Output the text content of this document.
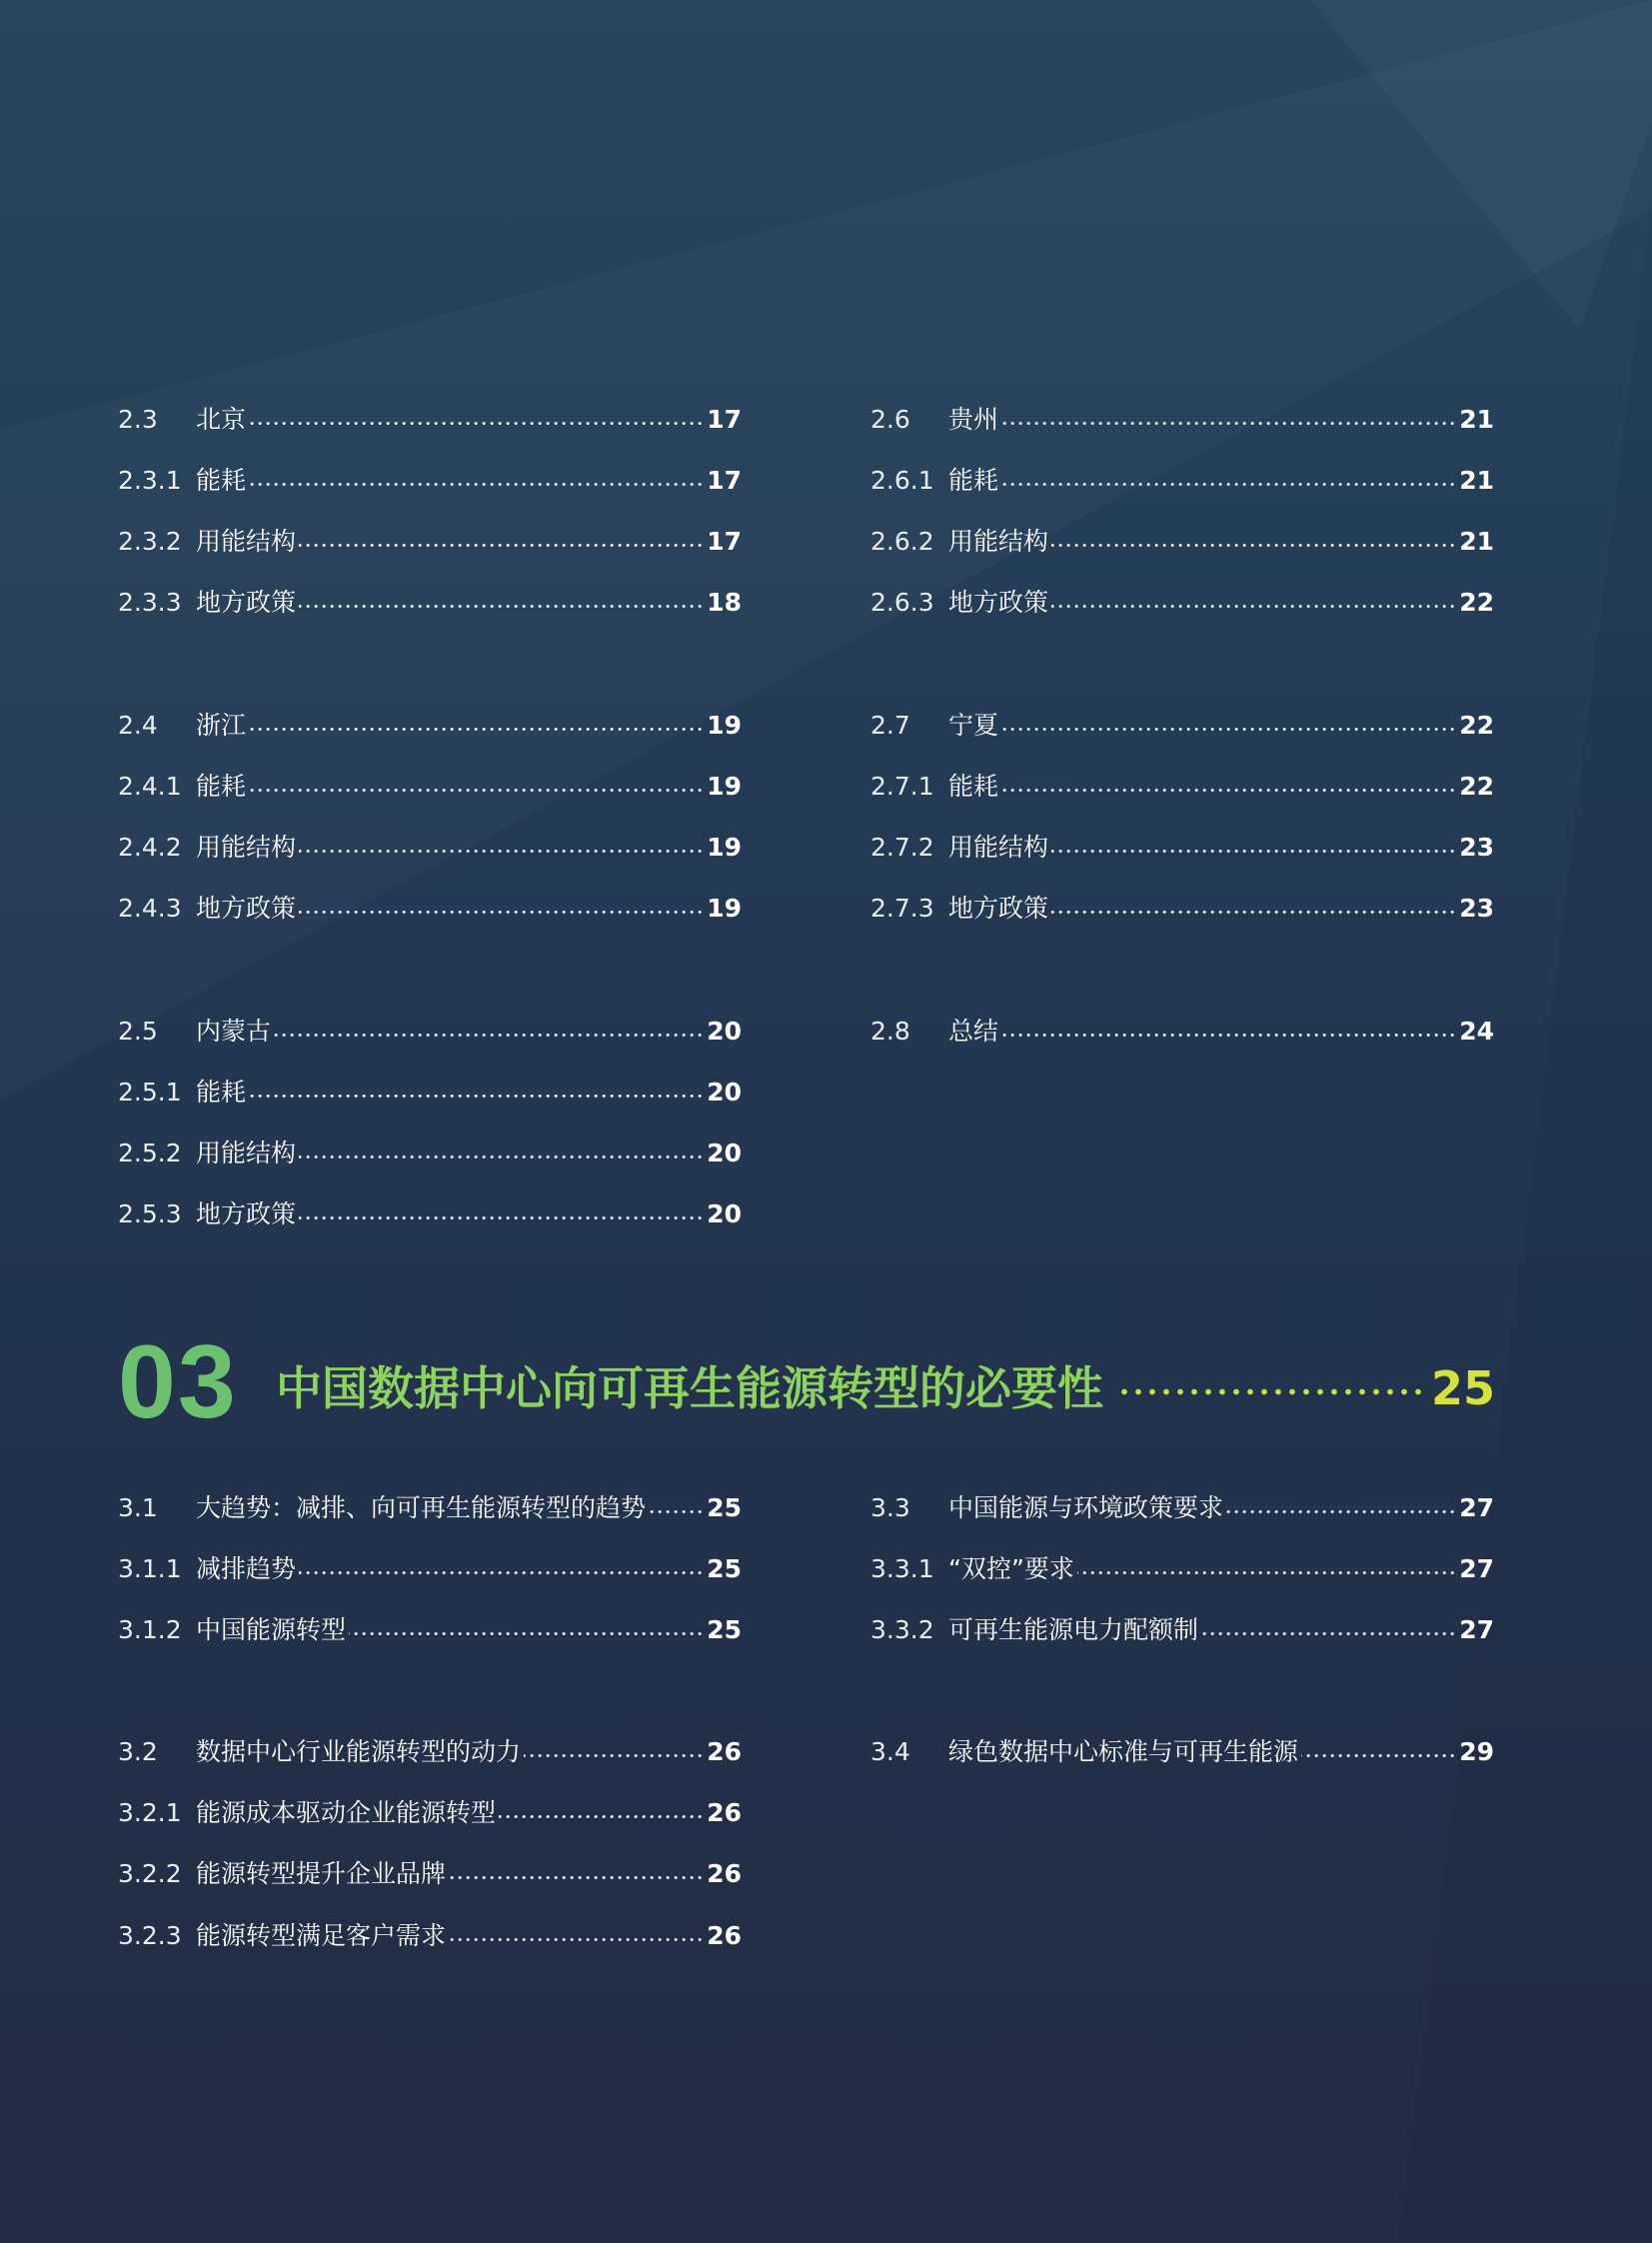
2.3	北京	17
2.3.1 能耗	17
2.3.2 用能结构	17
2.3.3 地方政策	18
2.4	浙江	19
2.4.1 能耗	19
2.4.2 用能结构	19
2.4.3 地方政策	19
2.5	内蒙古	20
2.5.1 能耗	20
2.5.2 用能结构	20
2.5.3 地方政策	20
2.6	贵州	21
2.6.1 能耗	21
2.6.2 用能结构	21
2.6.3 地方政策	22
2.7	宁夏	22
2.7.1 能耗	22
2.7.2 用能结构	23
2.7.3 地方政策	23
2.8	总结	24
03 中国数据中心向可再生能源转型的必要性	25
3.1	大趋势：减排、向可再生能源转型的趋势 25
3.1.1 减排趋势	25
3.1.2 中国能源转型	25
3.2	数据中心行业能源转型的动力	26
3.2.1 能源成本驱动企业能源转型	26
3.2.2 能源转型提升企业品牌	26
3.2.3 能源转型满足客户需求	26
3.3	中国能源与环境政策要求	27
3.3.1 “双控”要求	27
3.3.2 可再生能源电力配额制	27
3.4	绿色数据中心标准与可再生能源	29
